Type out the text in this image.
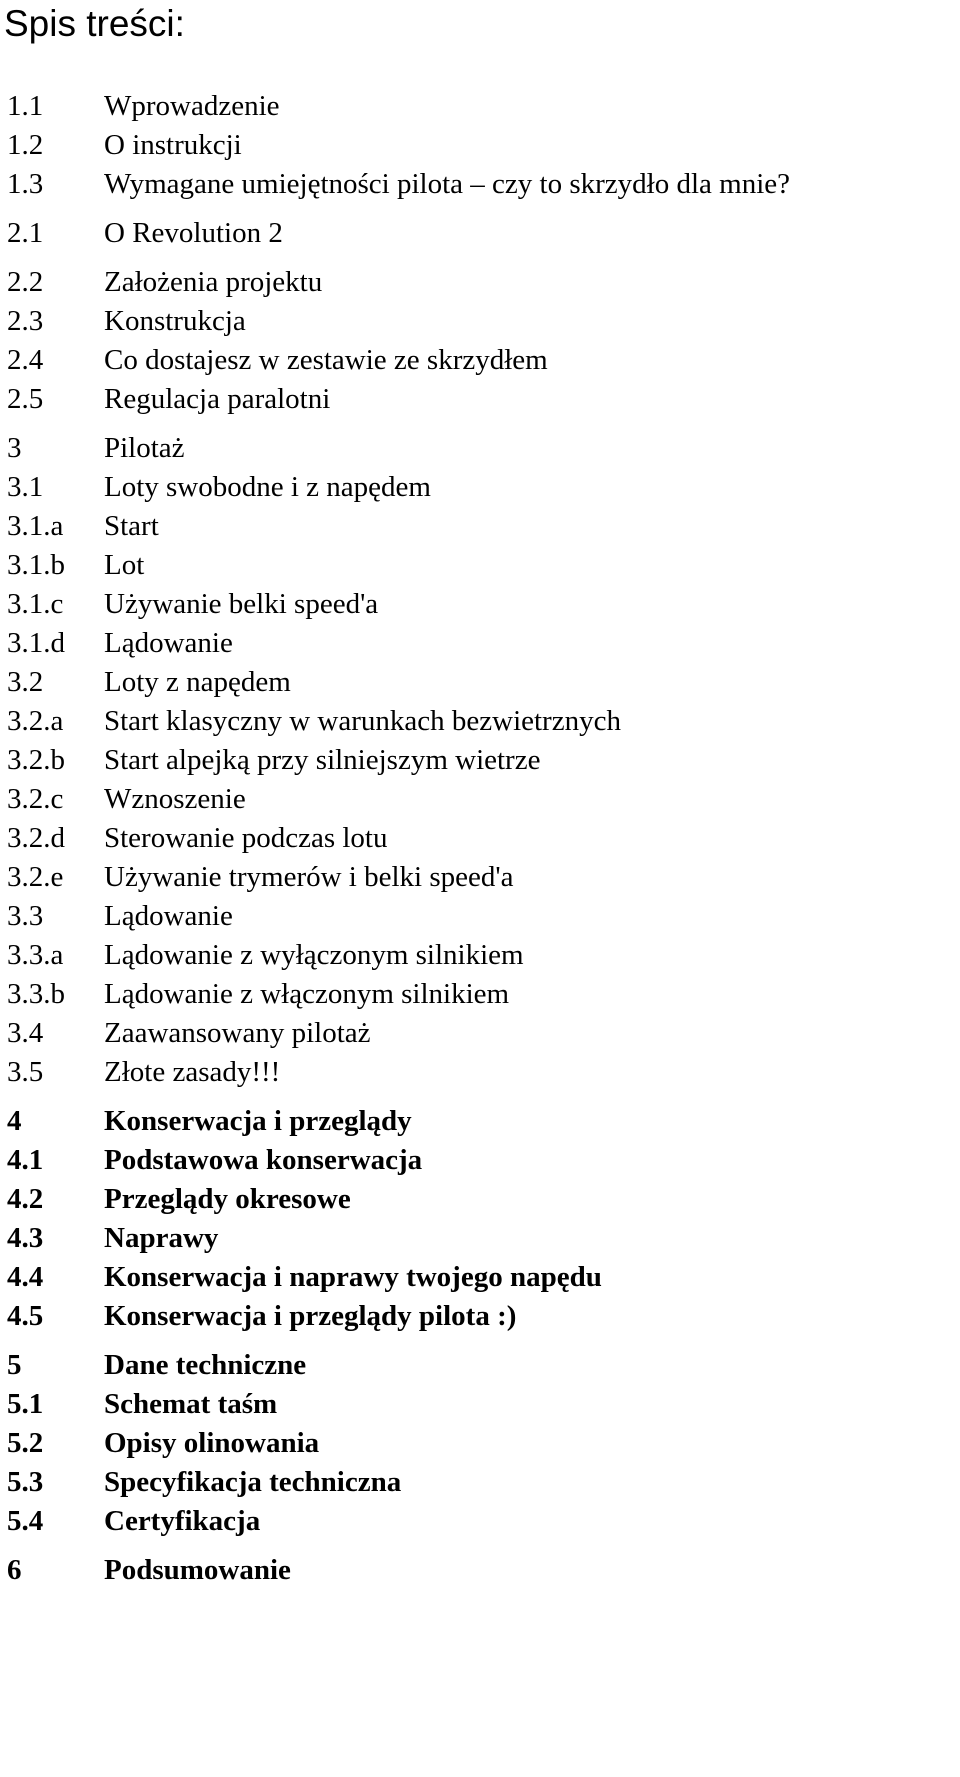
Spis treści:
1.1 Wprowadzenie
1.2 O instrukcji
1.3 Wymagane umiejętności pilota – czy to skrzydło dla mnie?
2.1 O Revolution 2
2.2 Założenia projektu
2.3 Konstrukcja
2.4 Co dostajesz w zestawie ze skrzydłem
2.5 Regulacja paralotni
3	Pilotaż
3.1 Loty swobodne i z napędem
3.1.a Start
3.1.b Lot
3.1.c Używanie belki speed'a
3.1.d Lądowanie
3.2 Loty z napędem
3.2.a Start klasyczny w warunkach bezwietrznych
3.2.b Start alpejką przy silniejszym wietrze
3.2.c Wznoszenie
3.2.d Sterowanie podczas lotu
3.2.e Używanie trymerów i belki speed'a
3.3 Lądowanie
3.3.a Lądowanie z wyłączonym silnikiem
3.3.b Lądowanie z włączonym silnikiem
3.4 Zaawansowany pilotaż
3.5 Złote zasady!!!
4	Konserwacja i przeglądy
4.1 Podstawowa konserwacja
4.2 Przeglądy okresowe
4.3 Naprawy
4.4 Konserwacja i naprawy twojego napędu
4.5 Konserwacja i przeglądy pilota :)
5	Dane techniczne
5.1 Schemat taśm
5.2 Opisy olinowania
5.3 Specyfikacja techniczna
5.4 Certyfikacja
6	Podsumowanie
